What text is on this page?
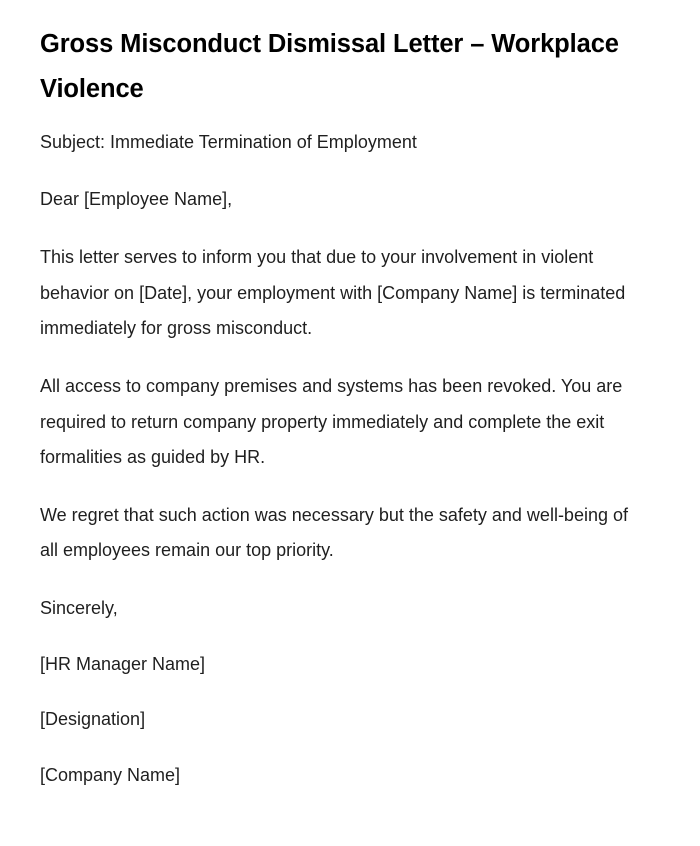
Gross Misconduct Dismissal Letter – Workplace Violence

Subject: Immediate Termination of Employment

Dear [Employee Name],

This letter serves to inform you that due to your involvement in violent behavior on [Date], your employment with [Company Name] is terminated immediately for gross misconduct.

All access to company premises and systems has been revoked. You are required to return company property immediately and complete the exit formalities as guided by HR.

We regret that such action was necessary but the safety and well-being of all employees remain our top priority.

Sincerely,

[HR Manager Name]

[Designation]

[Company Name]
